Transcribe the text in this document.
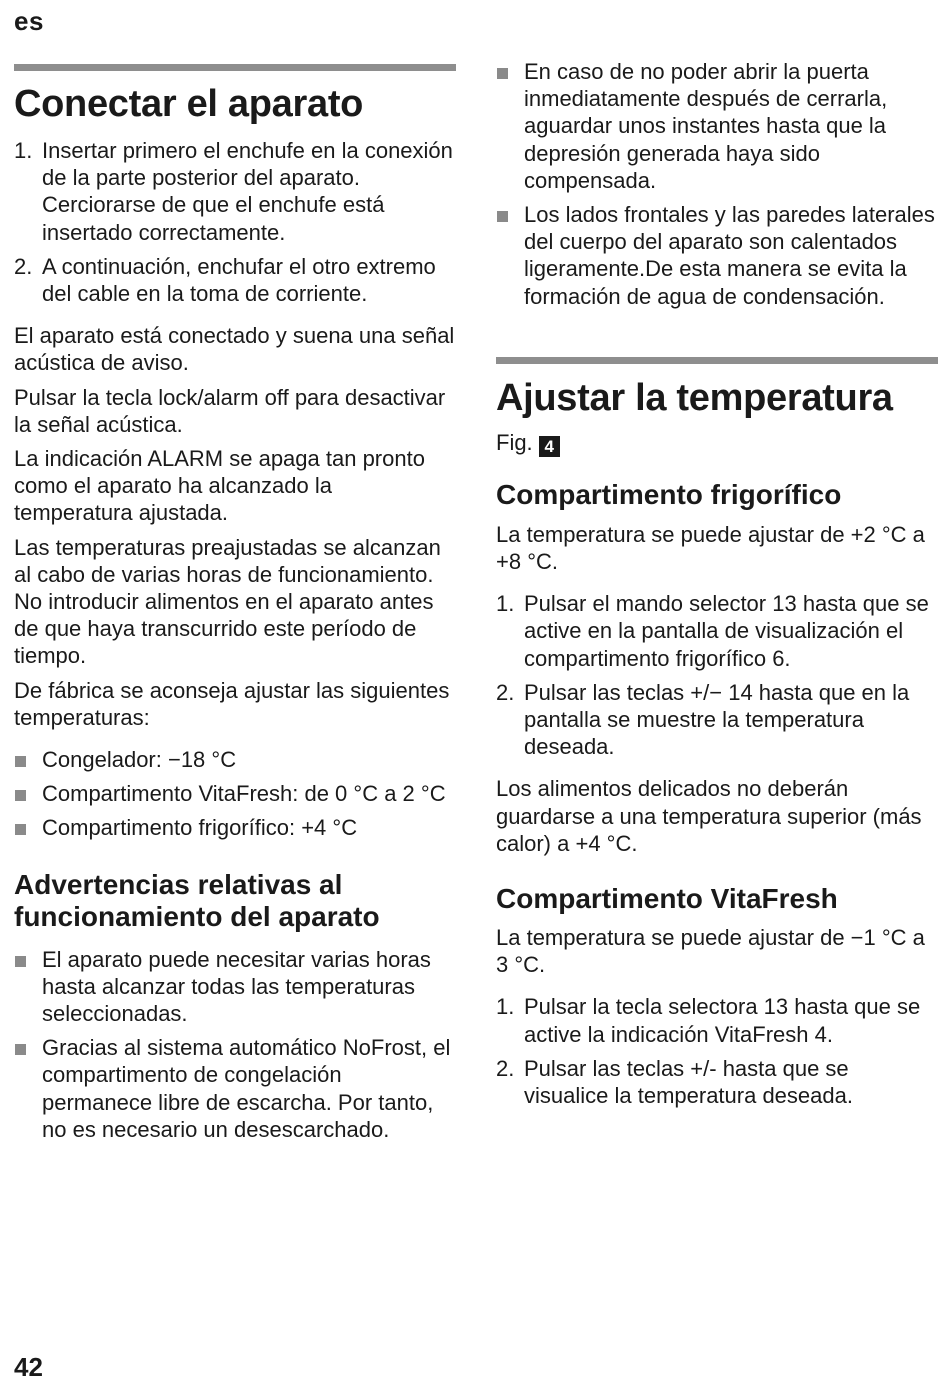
es
Conectar el aparato
1. Insertar primero el enchufe en la conexión de la parte posterior del aparato. Cerciorarse de que el enchufe está insertado correctamente.
2. A continuación, enchufar el otro extremo del cable en la toma de corriente.

El aparato está conectado y suena una señal acústica de aviso.

Pulsar la tecla lock/alarm off para desactivar la señal acústica.

La indicación ALARM se apaga tan pronto como el aparato ha alcanzado la temperatura ajustada.

Las temperaturas preajustadas se alcanzan al cabo de varias horas de funcionamiento. No introducir alimentos en el aparato antes de que haya transcurrido este período de tiempo.

De fábrica se aconseja ajustar las siguientes temperaturas:

Congelador: −18 °C
Compartimento VitaFresh: de 0 °C a 2 °C
Compartimento frigorífico: +4 °C
Advertencias relativas al funcionamiento del aparato
El aparato puede necesitar varias horas hasta alcanzar todas las temperaturas seleccionadas.
Gracias al sistema automático NoFrost, el compartimento de congelación permanece libre de escarcha. Por tanto, no es necesario un desescarchado.
En caso de no poder abrir la puerta inmediatamente después de cerrarla, aguardar unos instantes hasta que la depresión generada haya sido compensada.
Los lados frontales y las paredes laterales del cuerpo del aparato son calentados ligeramente.De esta manera se evita la formación de agua de condensación.
Ajustar la temperatura
Fig. 4
Compartimento frigorífico

La temperatura se puede ajustar de +2 °C a +8 °C.

1. Pulsar el mando selector 13 hasta que se active en la pantalla de visualización el compartimento frigorífico 6.
2. Pulsar las teclas +/− 14 hasta que en la pantalla se muestre la temperatura deseada.

Los alimentos delicados no deberán guardarse a una temperatura superior (más calor) a +4 °C.

Compartimento VitaFresh

La temperatura se puede ajustar de −1 °C a 3 °C.

1. Pulsar la tecla selectora 13 hasta que se active la indicación VitaFresh 4.
2. Pulsar las teclas +/- hasta que se visualice la temperatura deseada.
42
